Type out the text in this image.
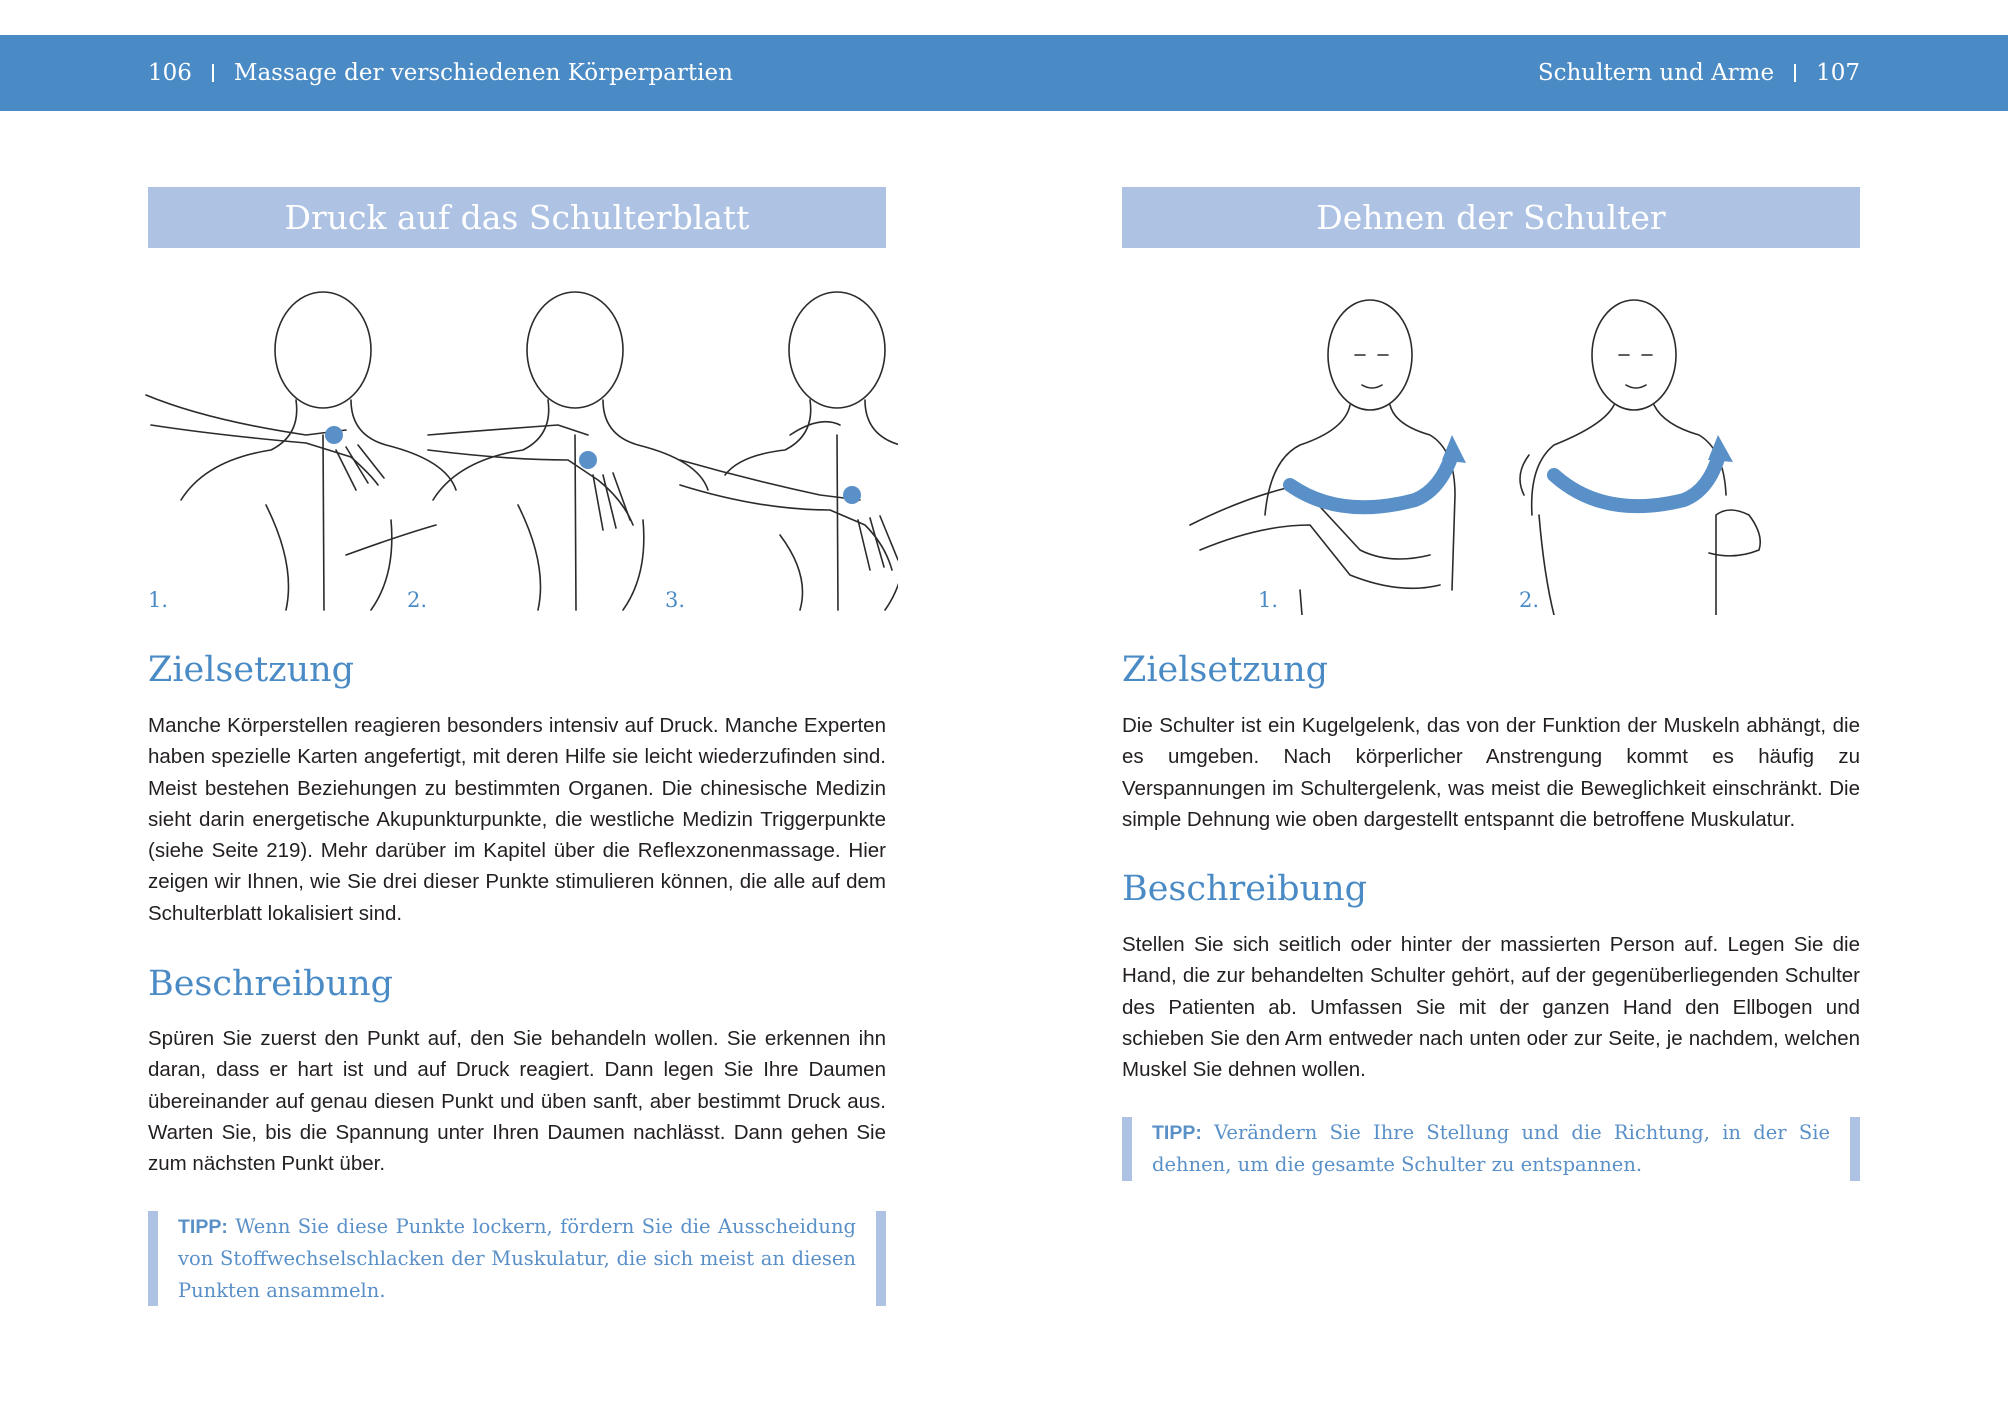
106 Massage der verschiedenen Körperpartien	Schultern und Arme 107
Druck auf das Schulterblatt
1.	2.	3.
Zielsetzung

Manche Körperstellen reagieren besonders intensiv auf Druck. Manche Experten haben spezielle Karten angefertigt, mit deren Hilfe sie leicht wiederzufinden sind. Meist bestehen Beziehungen zu bestimmten Organen. Die chinesische Medizin sieht darin energetische Akupunkturpunkte, die westliche Medizin Triggerpunkte (siehe Seite 219). Mehr darüber im Kapitel über die Reflexzonenmassage. Hier zeigen wir Ihnen, wie Sie drei dieser Punkte stimulieren können, die alle auf dem Schulterblatt lokalisiert sind.

Beschreibung

Spüren Sie zuerst den Punkt auf, den Sie behandeln wollen. Sie erkennen ihn daran, dass er hart ist und auf Druck reagiert. Dann legen Sie Ihre Daumen übereinander auf genau diesen Punkt und üben sanft, aber bestimmt Druck aus. Warten Sie, bis die Spannung unter Ihren Daumen nachlässt. Dann gehen Sie zum nächsten Punkt über.

TIPP: Wenn Sie diese Punkte lockern, fördern Sie die Ausscheidung von Stoffwechselschlacken der Muskulatur, die sich meist an diesen Punkten ansammeln.
Dehnen der Schulter
1.	2.
Zielsetzung

Die Schulter ist ein Kugelgelenk, das von der Funktion der Muskeln abhängt, die es umgeben. Nach körperlicher Anstrengung kommt es häufig zu Verspannungen im Schultergelenk, was meist die Beweglichkeit einschränkt. Die simple Dehnung wie oben dargestellt entspannt die betroffene Muskulatur.

Beschreibung

Stellen Sie sich seitlich oder hinter der massierten Person auf. Legen Sie die Hand, die zur behandelten Schulter gehört, auf der gegenüberliegenden Schulter des Patienten ab. Umfassen Sie mit der ganzen Hand den Ellbogen und schieben Sie den Arm entweder nach unten oder zur Seite, je nachdem, welchen Muskel Sie dehnen wollen.

TIPP: Verändern Sie Ihre Stellung und die Richtung, in der Sie dehnen, um die gesamte Schulter zu entspannen.
